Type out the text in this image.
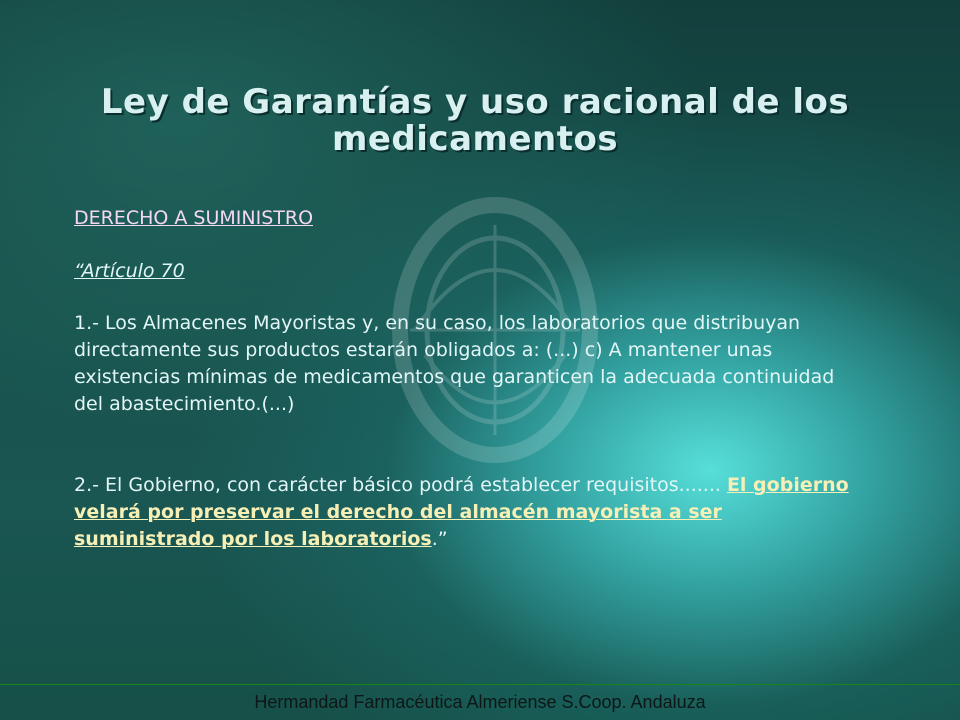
Ley de Garantías y uso racional de los medicamentos
DERECHO A SUMINISTRO
“Artículo 70

1.- Los Almacenes Mayoristas y, en su caso, los laboratorios que distribuyan directamente sus productos estarán obligados a: (...) c) A mantener unas existencias mínimas de medicamentos que garanticen la adecuada continuidad del abastecimiento.(...)

2.- El Gobierno, con carácter básico podrá establecer requisitos....... El gobierno velará por preservar el derecho del almacén mayorista a ser suministrado por los laboratorios.”

Hermandad Farmacéutica Almeriense S.Coop. Andaluza
